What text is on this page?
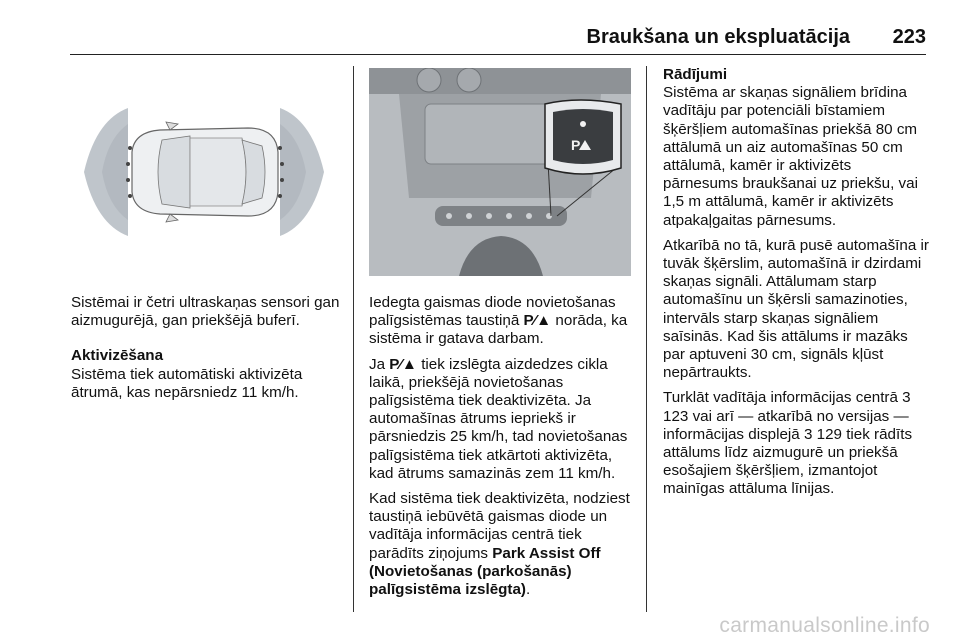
Braukšana un ekspluatācija 223
P

Sistēmai ir četri ultraskaņas sensori gan aizmugurējā, gan priekšējā buferī.

Aktivizēšana

Sistēma tiek automātiski aktivizēta ātrumā, kas nepārsniedz 11 km/h.

Iedegta gaismas diode novietošanas palīgsistēmas taustiņā P⁄▲ norāda, ka sistēma ir gatava darbam.

Ja P⁄▲ tiek izslēgta aizdedzes cikla laikā, priekšējā novietošanas palīgsistēma tiek deaktivizēta. Ja automašīnas ātrums iepriekš ir pārsniedzis 25 km/h, tad novietošanas palīgsistēma tiek atkārtoti aktivizēta, kad ātrums samazinās zem 11 km/h.

Kad sistēma tiek deaktivizēta, nodziest taustiņā iebūvētā gaismas diode un vadītāja informācijas centrā tiek parādīts ziņojums Park Assist Off (Novietošanas (parkošanās) palīgsistēma izslēgta).

Rādījumi

Sistēma ar skaņas signāliem brīdina vadītāju par potenciāli bīstamiem šķēršļiem automašīnas priekšā 80 cm attālumā un aiz automašīnas 50 cm attālumā, kamēr ir aktivizēts pārnesums braukšanai uz priekšu, vai 1,5 m attālumā, kamēr ir aktivizēts atpakaļgaitas pārnesums.

Atkarībā no tā, kurā pusē automašīna ir tuvāk šķērslim, automašīnā ir dzirdami skaņas signāli. Attālumam starp automašīnu un šķērsli samazinoties, intervāls starp skaņas signāliem saīsinās. Kad šis attālums ir mazāks par aptuveni 30 cm, signāls kļūst nepārtraukts.

Turklāt vadītāja informācijas centrā 3 123 vai arī — atkarībā no versijas — informācijas displejā 3 129 tiek rādīts attālums līdz aizmugurē un priekšā esošajiem šķēršļiem, izmantojot mainīgas attāluma līnijas.

carmanualsonline.info
